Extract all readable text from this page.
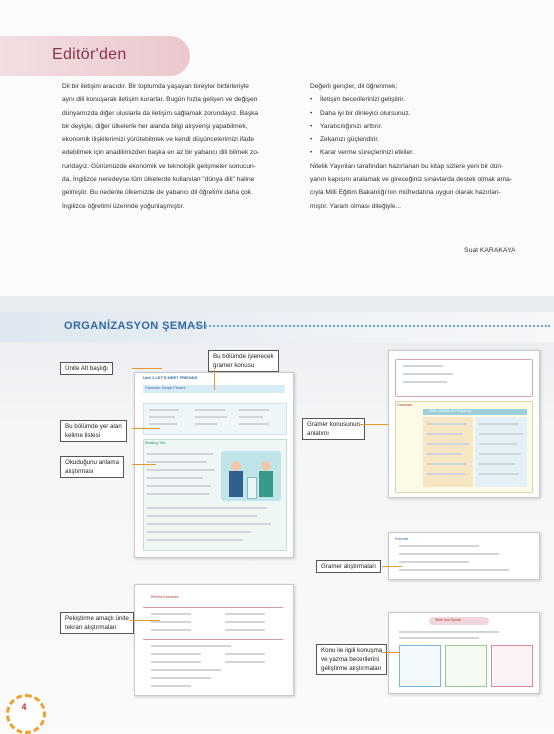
Editör'den

Dil bir iletişim aracıdır. Bir toplumda yaşayan bireyler birbirleriyle

aynı dili konuşarak iletişim kurarlar. Bugün hızla gelişen ve değişen

dünyamızda diğer uluslarla da iletişim sağlamak zorundayız. Başka

bir deyişle, diğer ülkelerle her alanda bilgi alışverişi yapabilmek,

ekonomik ilişkilerimizi yürütebilmek ve kendi düşüncelerimizi ifade

edebilmek için anadilimizden başka en az bir yabancı dili bilmek zo-

rundayız. Günümüzde ekonomik ve teknolojik gelişmeler sonucun-

da, İngilizce neredeyse tüm ülkelerde kullanılan "dünya dili" haline

gelmiştir. Bu nedenle ülkemizde de yabancı dil öğretimi daha çok

İngilizce öğretimi üzerinde yoğunlaşmıştır.

Değerli gençler, dil öğrenmek;

• İletişim becerilerinizi geliştirir.
• Daha iyi bir dinleyici olursunuz.
• Yaratıcılığınızı arttırır.
• Zekanızı güçlendirir.
• Karar verme süreçlerinizi etkiler.

Nitelik Yayınları tarafından hazırlanan bu kitap sizlere yeni bir dün-

yanın kapısını aralamak ve gireceğiniz sınavlarda destek olmak ama-

cıyla Milli Eğitim Bakanlığı'nın müfredatına uygun olarak hazırlan-

mıştır. Yararlı olması dileğiyle...

Suat KARAKAYA
ORGANİZASYON ŞEMASI
Unit 1 LET'S MEET FRIENDS
Grammar: Simple Present
Reading Text
Grammar
Verb / Adverb of Frequency
Exercise
Review Exercises
Write and Speak
Ünite Alt başlığı
Bu bölümde işlenecek
gramer konusu
Bu bölümde yer alan
kelime listesi
Okuduğunu anlama
alıştırması
Gramer konusunun
anlatımı
Gramer alıştırmaları
Pekiştirme amaçlı ünite
tekrarı alıştırmaları
Konu ile ilgili konuşma
ve yazma becerilerini
geliştirme alıştırmaları
4
